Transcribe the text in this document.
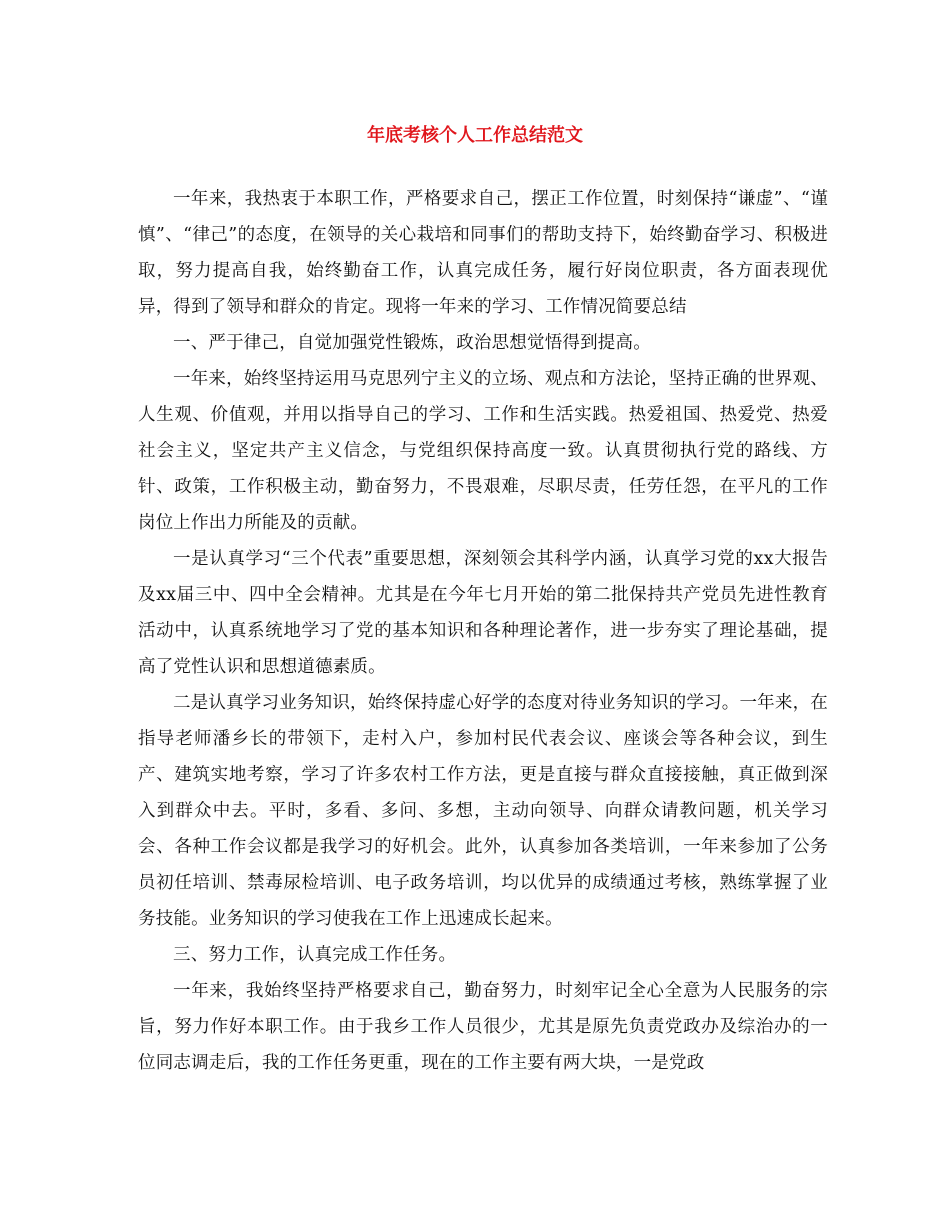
年底考核个人工作总结范文

一年来，我热衷于本职工作，严格要求自己，摆正工作位置，时刻保持“谦虚”、“谨慎”、“律己”的态度，在领导的关心栽培和同事们的帮助支持下，始终勤奋学习、积极进取，努力提高自我，始终勤奋工作，认真完成任务，履行好岗位职责，各方面表现优异，得到了领导和群众的肯定。现将一年来的学习、工作情况简要总结

一、严于律己，自觉加强党性锻炼，政治思想觉悟得到提高。

一年来，始终坚持运用马克思列宁主义的立场、观点和方法论，坚持正确的世界观、人生观、价值观，并用以指导自己的学习、工作和生活实践。热爱祖国、热爱党、热爱社会主义，坚定共产主义信念，与党组织保持高度一致。认真贯彻执行党的路线、方针、政策，工作积极主动，勤奋努力，不畏艰难，尽职尽责，任劳任怨，在平凡的工作岗位上作出力所能及的贡献。

一是认真学习“三个代表”重要思想，深刻领会其科学内涵，认真学习党的xx大报告及xx届三中、四中全会精神。尤其是在今年七月开始的第二批保持共产党员先进性教育活动中，认真系统地学习了党的基本知识和各种理论著作，进一步夯实了理论基础，提高了党性认识和思想道德素质。

二是认真学习业务知识，始终保持虚心好学的态度对待业务知识的学习。一年来，在指导老师潘乡长的带领下，走村入户，参加村民代表会议、座谈会等各种会议，到生产、建筑实地考察，学习了许多农村工作方法，更是直接与群众直接接触，真正做到深入到群众中去。平时，多看、多问、多想，主动向领导、向群众请教问题，机关学习会、各种工作会议都是我学习的好机会。此外，认真参加各类培训，一年来参加了公务员初任培训、禁毒尿检培训、电子政务培训，均以优异的成绩通过考核，熟练掌握了业务技能。业务知识的学习使我在工作上迅速成长起来。

三、努力工作，认真完成工作任务。

一年来，我始终坚持严格要求自己，勤奋努力，时刻牢记全心全意为人民服务的宗旨，努力作好本职工作。由于我乡工作人员很少，尤其是原先负责党政办及综治办的一位同志调走后，我的工作任务更重，现在的工作主要有两大块，一是党政
